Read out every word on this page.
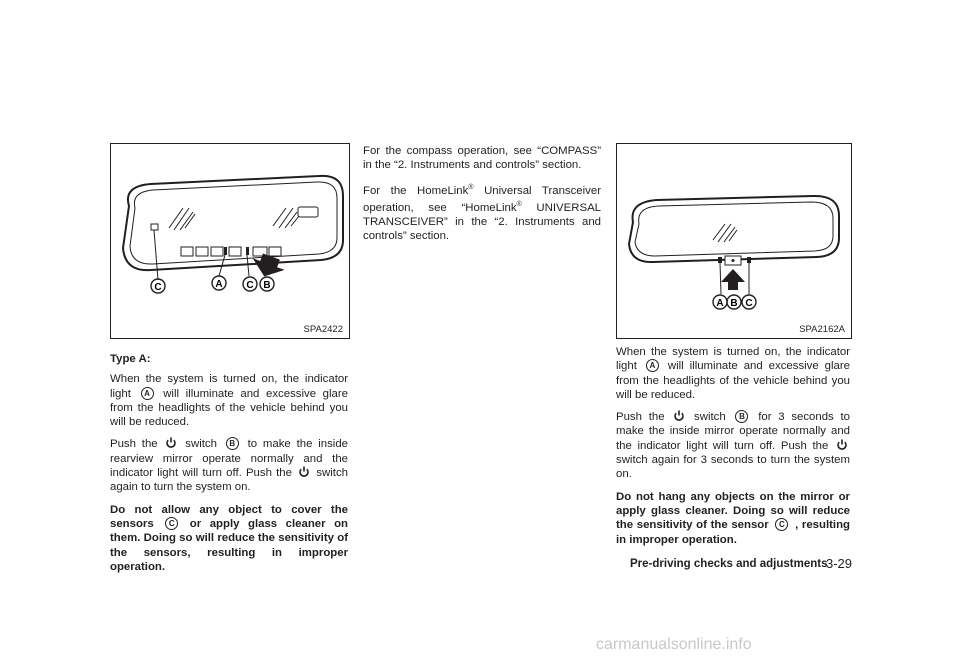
C	A C B
SPA2422
A B C
SPA2162A

Type A:

When the system is turned on, the indicator light A will illuminate and excessive glare from the headlights of the vehicle behind you will be reduced.

Push the switch B to make the inside rearview mirror operate normally and the indicator light will turn off. Push the switch again to turn the system on.

Do not allow any object to cover the sensors C or apply glass cleaner on them. Doing so will reduce the sensitivity of the sensors, resulting in improper operation.

For the compass operation, see “COMPASS” in the “2. Instruments and controls” section.

For the HomeLink® Universal Transceiver operation, see “HomeLink® UNIVERSAL TRANSCEIVER” in the “2. Instruments and controls” section.

When the system is turned on, the indicator light A will illuminate and excessive glare from the headlights of the vehicle behind you will be reduced.

Push the	switch B for 3 seconds to make the inside mirror operate normally and the indicator light will turn off. Push the
switch again for 3 seconds to turn the system on.

Do not hang any objects on the mirror or apply glass cleaner. Doing so will reduce the sensitivity of the sensor C , resulting in improper operation.

Pre-driving checks and adjustments
3-29
carmanualsonline.info
